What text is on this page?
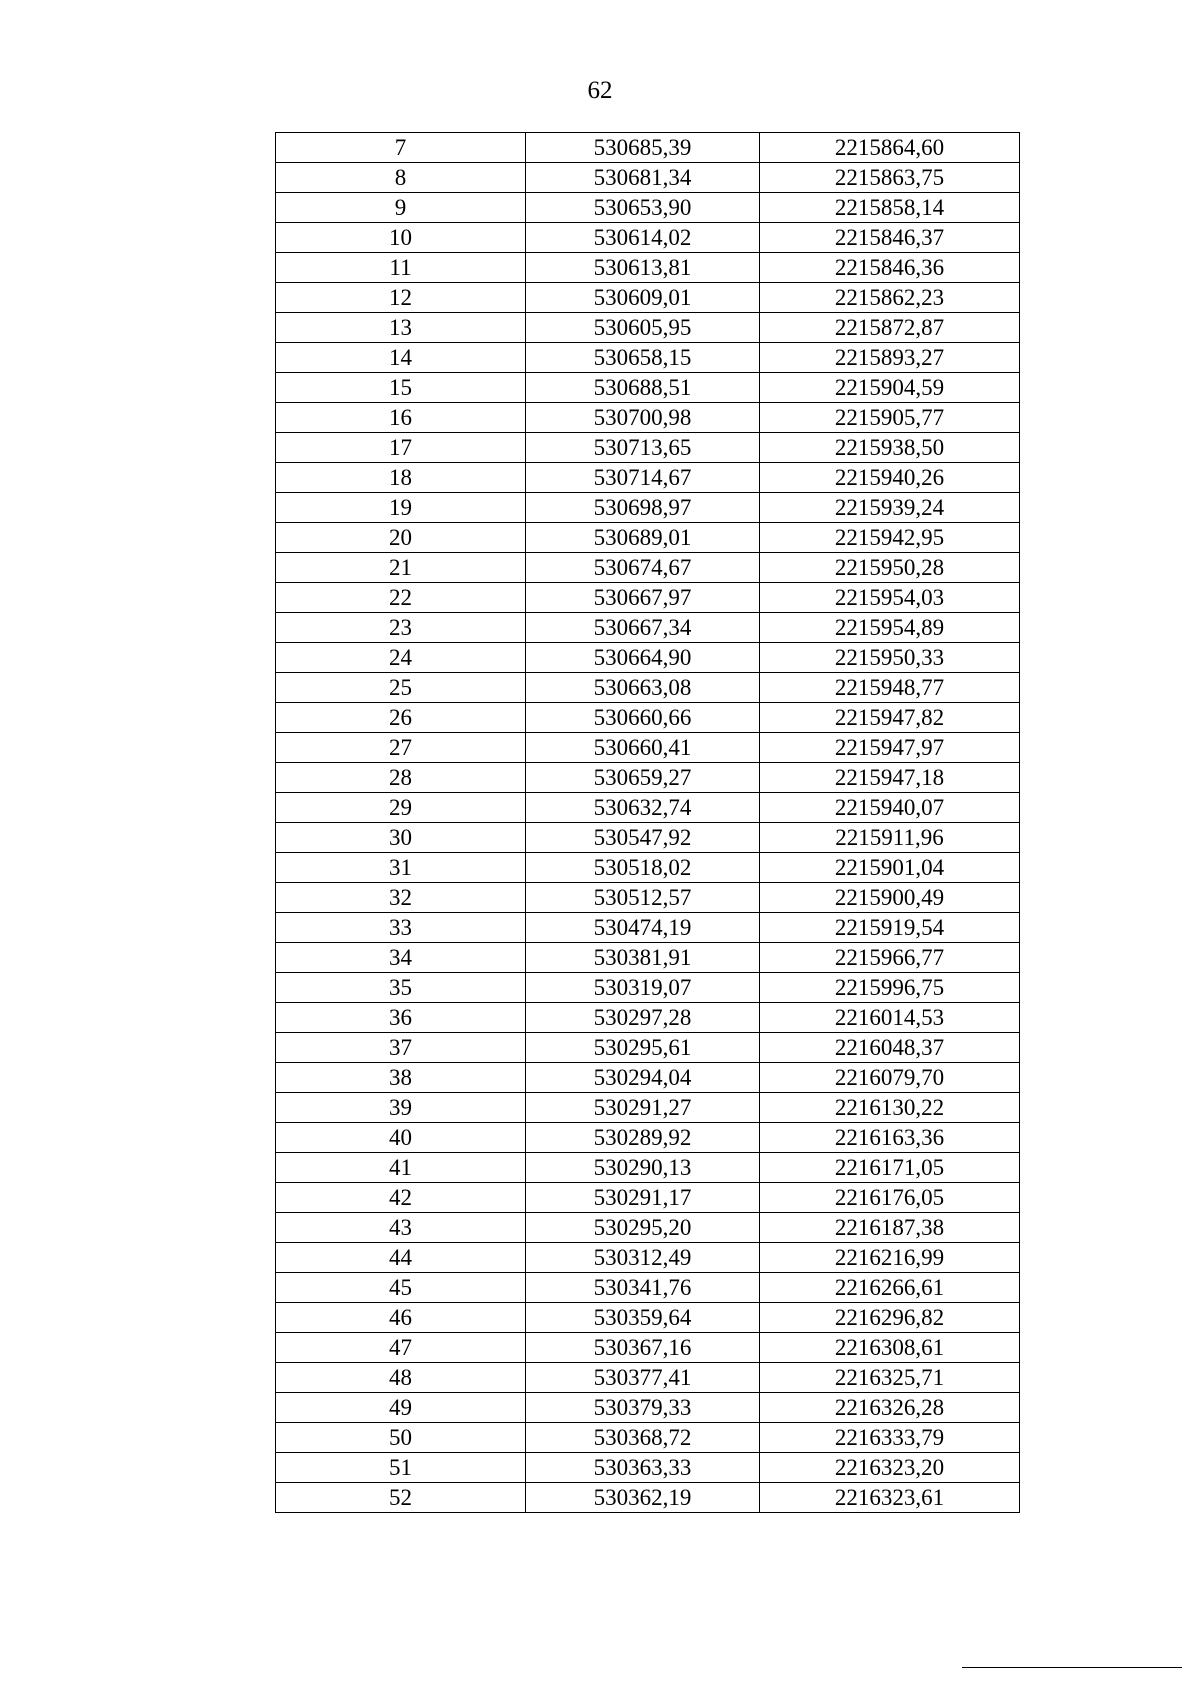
62
7	530685,39	2215864,60
8	530681,34	2215863,75
9	530653,90	2215858,14
10	530614,02	2215846,37
11	530613,81	2215846,36
12	530609,01	2215862,23
13	530605,95	2215872,87
14	530658,15	2215893,27
15	530688,51	2215904,59
16	530700,98	2215905,77
17	530713,65	2215938,50
18	530714,67	2215940,26
19	530698,97	2215939,24
20	530689,01	2215942,95
21	530674,67	2215950,28
22	530667,97	2215954,03
23	530667,34	2215954,89
24	530664,90	2215950,33
25	530663,08	2215948,77
26	530660,66	2215947,82
27	530660,41	2215947,97
28	530659,27	2215947,18
29	530632,74	2215940,07
30	530547,92	2215911,96
31	530518,02	2215901,04
32	530512,57	2215900,49
33	530474,19	2215919,54
34	530381,91	2215966,77
35	530319,07	2215996,75
36	530297,28	2216014,53
37	530295,61	2216048,37
38	530294,04	2216079,70
39	530291,27	2216130,22
40	530289,92	2216163,36
41	530290,13	2216171,05
42	530291,17	2216176,05
43	530295,20	2216187,38
44	530312,49	2216216,99
45	530341,76	2216266,61
46	530359,64	2216296,82
47	530367,16	2216308,61
48	530377,41	2216325,71
49	530379,33	2216326,28
50	530368,72	2216333,79
51	530363,33	2216323,20
52	530362,19	2216323,61
